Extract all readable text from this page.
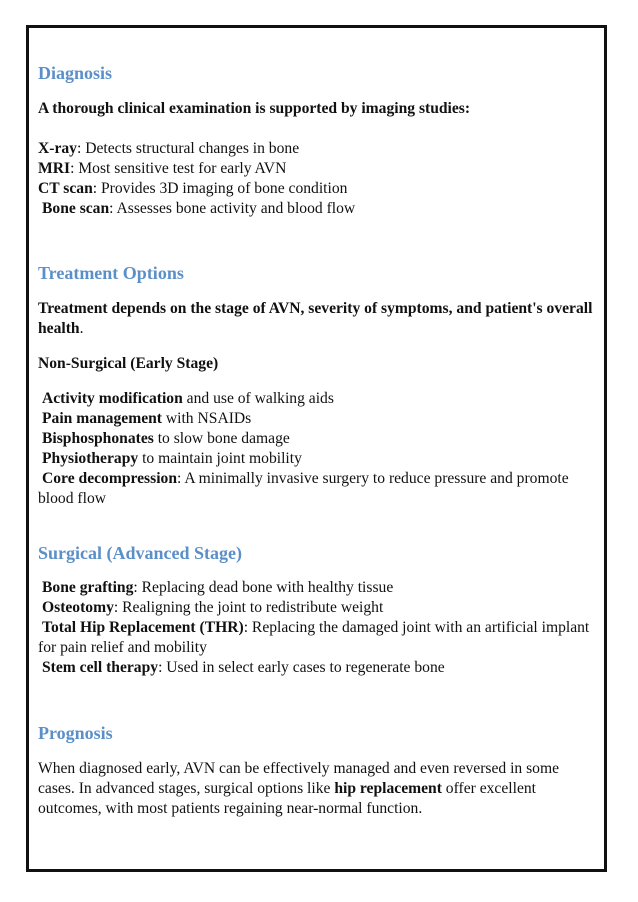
Diagnosis

A thorough clinical examination is supported by imaging studies:

X-ray: Detects structural changes in bone
MRI: Most sensitive test for early AVN
CT scan: Provides 3D imaging of bone condition
Bone scan: Assesses bone activity and blood flow
Treatment Options

Treatment depends on the stage of AVN, severity of symptoms, and patient's overall health.

Non-Surgical (Early Stage)

Activity modification and use of walking aids
Pain management with NSAIDs
Bisphosphonates to slow bone damage
Physiotherapy to maintain joint mobility
Core decompression: A minimally invasive surgery to reduce pressure and promote blood flow
Surgical (Advanced Stage)
Bone grafting: Replacing dead bone with healthy tissue
Osteotomy: Realigning the joint to redistribute weight
Total Hip Replacement (THR): Replacing the damaged joint with an artificial implant for pain relief and mobility
Stem cell therapy: Used in select early cases to regenerate bone
Prognosis

When diagnosed early, AVN can be effectively managed and even reversed in some cases. In advanced stages, surgical options like hip replacement offer excellent outcomes, with most patients regaining near-normal function.
